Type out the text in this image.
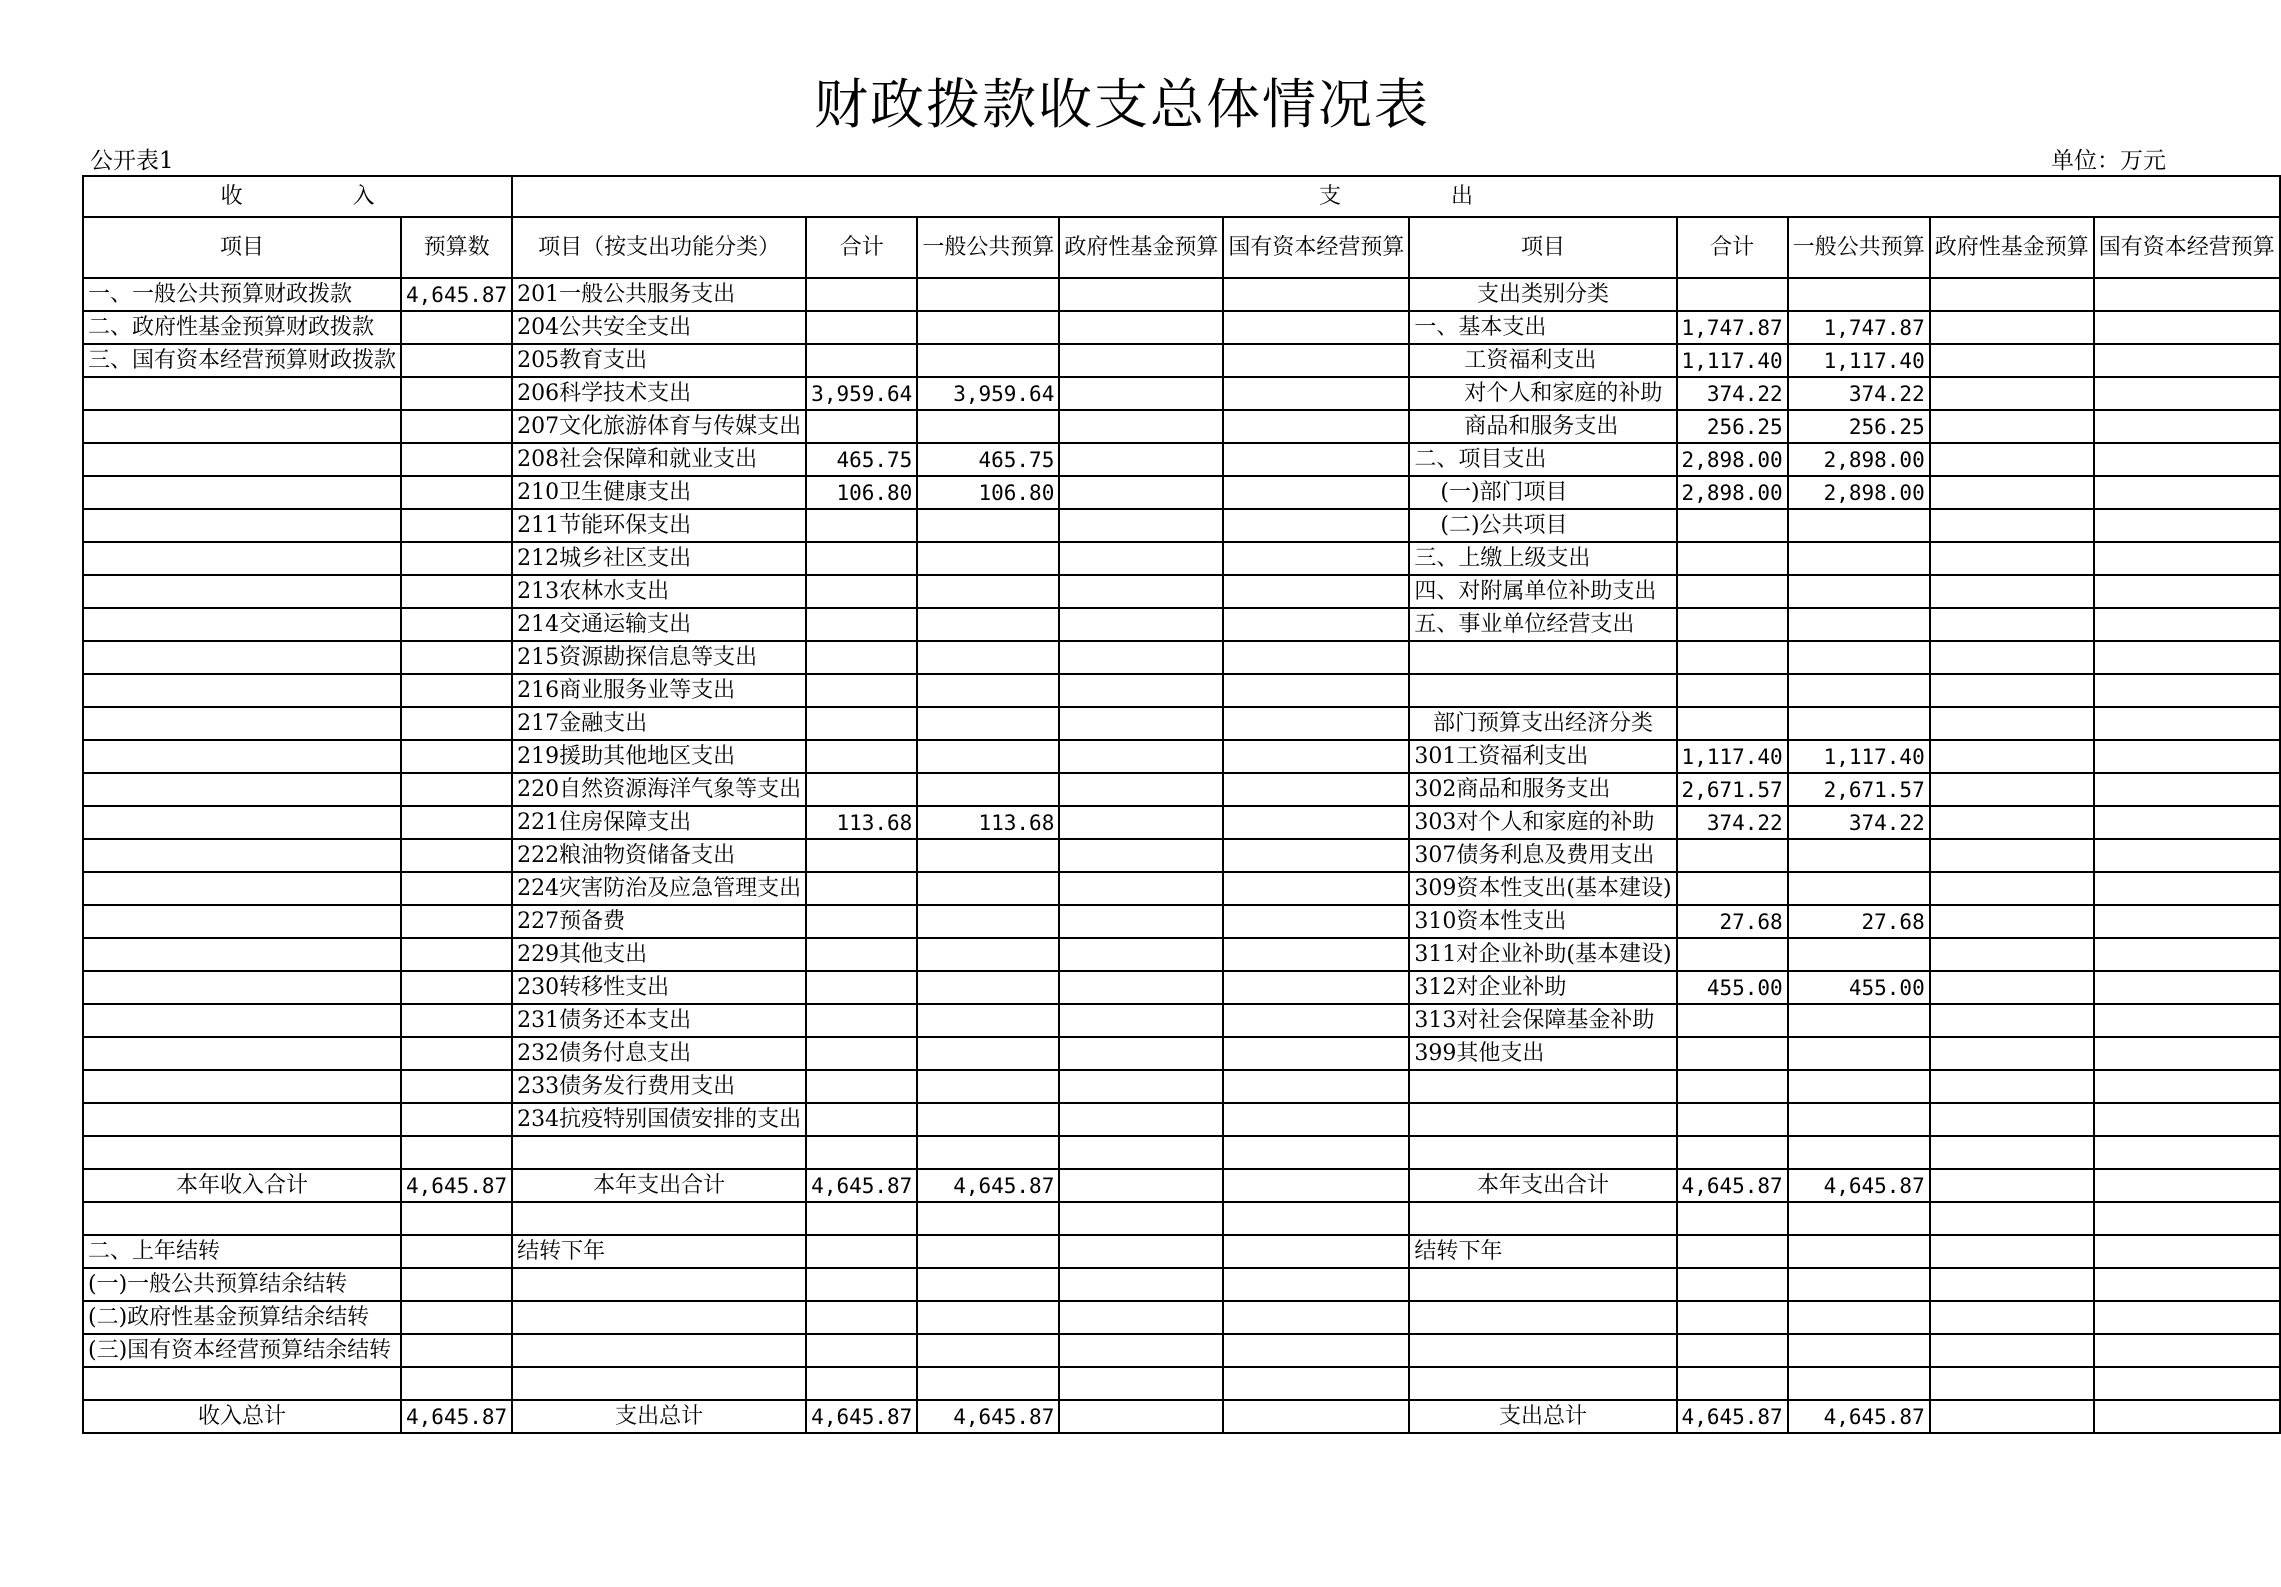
财政拨款收支总体情况表
公开表1	单位：万元
收　　　　　入		支　　　　　出									
项目	预算数	项目（按支出功能分类）	合计	一般公共预算	政府性基金预算	国有资本经营预算	项目	合计	一般公共预算	政府性基金预算	国有资本经营预算
一、一般公共预算财政拨款	4,645.87	201一般公共服务支出					支出类别分类				
二、政府性基金预算财政拨款		204公共安全支出					一、基本支出	1,747.87	1,747.87		
三、国有资本经营预算财政拨款		205教育支出					工资福利支出	1,117.40	1,117.40		
		206科学技术支出	3,959.64	3,959.64			对个人和家庭的补助	374.22	374.22		
		207文化旅游体育与传媒支出					商品和服务支出	256.25	256.25		
		208社会保障和就业支出	465.75	465.75			二、项目支出	2,898.00	2,898.00		
		210卫生健康支出	106.80	106.80			(一)部门项目	2,898.00	2,898.00		
		211节能环保支出					(二)公共项目				
		212城乡社区支出					三、上缴上级支出				
		213农林水支出					四、对附属单位补助支出				
		214交通运输支出					五、事业单位经营支出				
		215资源勘探信息等支出									
		216商业服务业等支出									
		217金融支出					部门预算支出经济分类				
		219援助其他地区支出					301工资福利支出	1,117.40	1,117.40		
		220自然资源海洋气象等支出					302商品和服务支出	2,671.57	2,671.57		
		221住房保障支出	113.68	113.68			303对个人和家庭的补助	374.22	374.22		
		222粮油物资储备支出					307债务利息及费用支出				
		224灾害防治及应急管理支出					309资本性支出(基本建设)				
		227预备费					310资本性支出	27.68	27.68		
		229其他支出					311对企业补助(基本建设)				
		230转移性支出					312对企业补助	455.00	455.00		
		231债务还本支出					313对社会保障基金补助				
		232债务付息支出					399其他支出				
		233债务发行费用支出									
		234抗疫特别国债安排的支出									

本年收入合计	4,645.87	本年支出合计	4,645.87	4,645.87			本年支出合计	4,645.87	4,645.87		

二、上年结转		结转下年					结转下年				
(一)一般公共预算结余结转											
(二)政府性基金预算结余结转											
(三)国有资本经营预算结余结转											

收入总计	4,645.87	支出总计	4,645.87	4,645.87			支出总计	4,645.87	4,645.87		
